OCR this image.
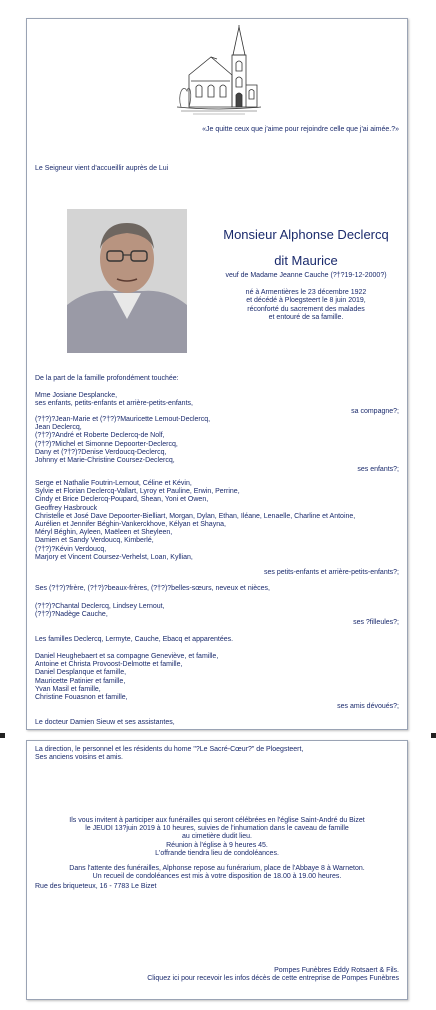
«Je quitte ceux que j'aime pour rejoindre celle que j'ai aimée.?»

Le Seigneur vient d'accueillir auprès de Lui

Monsieur Alphonse Declercq
dit Maurice
veuf de Madame Jeanne Cauche (?†?19-12-2000?)
né à Armentières le 23 décembre 1922
et décédé à Ploegsteert le 8 juin 2019,
réconforté du sacrement des malades
et entouré de sa famille.

De la part de la famille profondément touchée:

Mme Josiane Desplancke,
ses enfants, petits-enfants et arrière-petits-enfants,

sa compagne?;

(?†?)?Jean-Marie et (?†?)?Mauricette Lemout-Declercq,
Jean Declercq,
(?†?)?André et Roberte Declercq-de Nolf,
(?†?)?Michel et Simonne Depoorter-Declercq,
Dany et (?†?)?Denise Verdoucq-Declercq,
Johnny et Marie-Christine Coursez-Declercq,

ses enfants?;

Serge et Nathalie Foutrin-Lernout, Céline et Kévin,
Sylvie et Florian Declercq-Vallart, Lyroy et Pauline, Erwin, Perrine,
Cindy et Brice Declercq-Poupard, Shean, Yoni et Owen,
Geoffrey Hasbrouck
Christelle et José Dave Depoorter-Bielliart, Morgan, Dylan, Ethan, Iléane, Lenaelle, Charline et Antoine,
Aurélien et Jennifer Béghin-Vankerckhove, Kélyan et Shayna,
Méryl Béghin, Ayleen, Maëleen et Sheyleen,
Damien et Sandy Verdoucq, Kimberlé,
(?†?)?Kévin Verdoucq,
Marjory et Vincent Coursez-Verhelst, Loan, Kyllian,

ses petits-enfants et arrière-petits-enfants?;

Ses (?†?)?frère, (?†?)?beaux-frères, (?†?)?belles-sœurs, neveux et nièces,

(?†?)?Chantal Declercq, Lindsey Lernout,
(?†?)?Nadège Cauche,

ses ?filleules?;

Les familles Declercq, Lermyte, Cauche, Ebacq et apparentées.

Daniel Heughebaert et sa compagne Geneviève, et famille,
Antoine et Christa Provoost-Delmotte et famille,
Daniel Desplanque et famille,
Mauricette Patinier et famille,
Yvan Masil et famille,
Christine Fouasnon et famille,

ses amis dévoués?;

Le docteur Damien Sieuw et ses assistantes,

La direction, le personnel et les résidents du home "?Le Sacré-Cœur?" de Ploegsteert,
Ses anciens voisins et amis.
Ils vous invitent à participer aux funérailles qui seront célébrées en l'église Saint-André du Bizet
le JEUDI 13?juin 2019 à 10 heures, suivies de l'inhumation dans le caveau de famille
au cimetière dudit lieu.
Réunion à l'église à 9 heures 45.
L'offrande tiendra lieu de condoléances.
Dans l'attente des funérailles, Alphonse repose au funérarium, place de l'Abbaye 8 à Warneton.
Un recueil de condoléances est mis à votre disposition de 18.00 à 19.00 heures.

Rue des briqueteux, 16 - 7783 Le Bizet

Pompes Funèbres Eddy Rotsaert & Fils.
Cliquez ici pour recevoir les infos décès de cette entreprise de Pompes Funèbres
